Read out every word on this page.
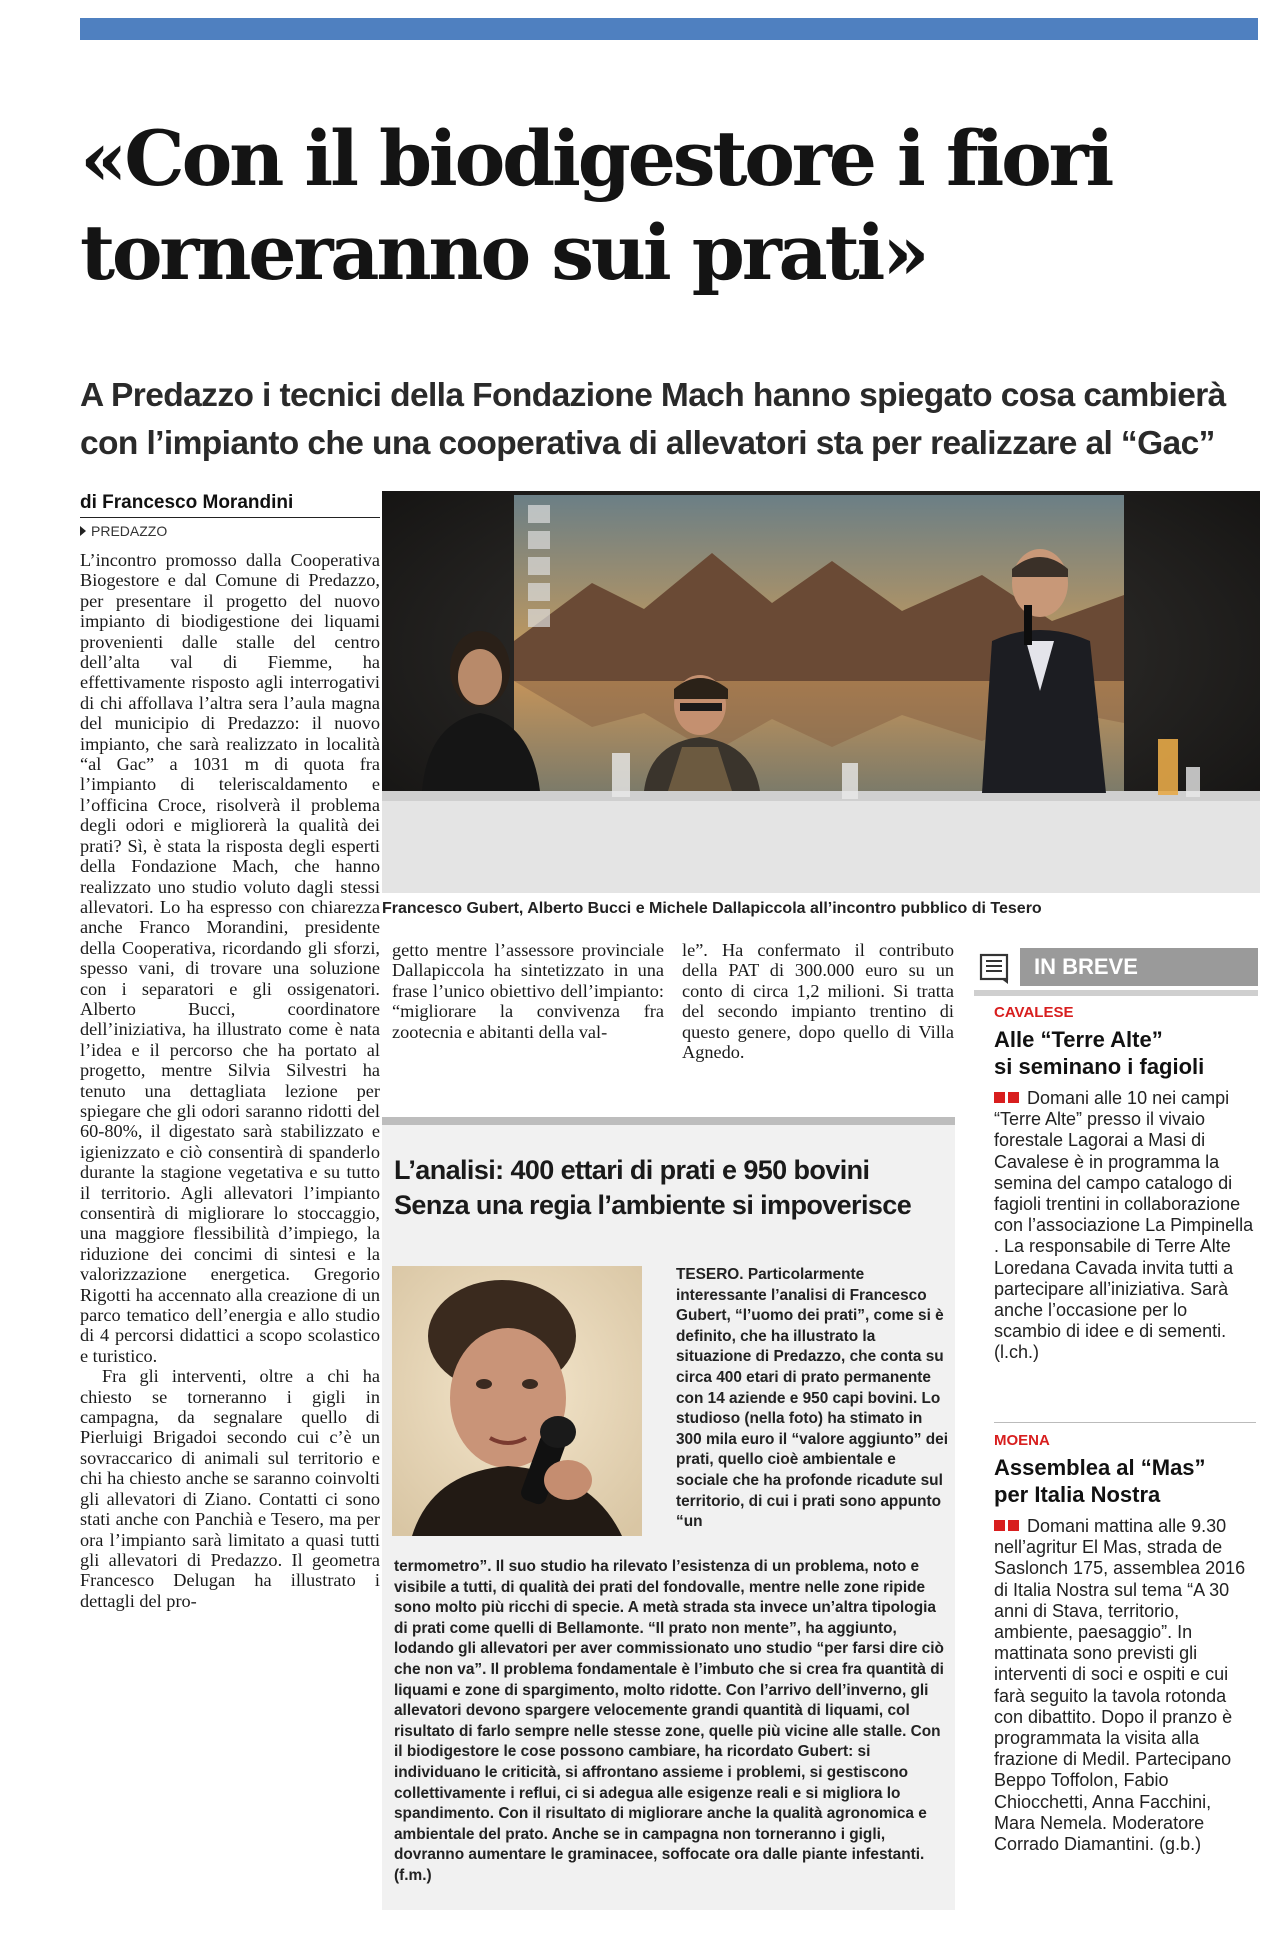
«Con il biodigestore i fiori
torneranno sui prati»
A Predazzo i tecnici della Fondazione Mach hanno spiegato cosa cambierà
con l’impianto che una cooperativa di allevatori sta per realizzare al “Gac”
di Francesco Morandini
PREDAZZO

L’incontro promosso dalla Cooperativa Biogestore e dal Comune di Predazzo, per presentare il progetto del nuovo impianto di biodigestione dei liquami provenienti dalle stalle del centro dell’alta val di Fiemme, ha effettivamente risposto agli interrogativi di chi affollava l’altra sera l’aula magna del municipio di Predazzo: il nuovo impianto, che sarà realizzato in località “al Gac” a 1031 m di quota fra l’impianto di teleriscaldamento e l’officina Croce, risolverà il problema degli odori e migliorerà la qualità dei prati? Sì, è stata la risposta degli esperti della Fondazione Mach, che hanno realizzato uno studio voluto dagli stessi allevatori. Lo ha espresso con chiarezza anche Franco Morandini, presidente della Cooperativa, ricordando gli sforzi, spesso vani, di trovare una soluzione con i separatori e gli ossigenatori. Alberto Bucci, coordinatore dell’iniziativa, ha illustrato come è nata l’idea e il percorso che ha portato al progetto, mentre Silvia Silvestri ha tenuto una dettagliata lezione per spiegare che gli odori saranno ridotti del 60-80%, il digestato sarà stabilizzato e igienizzato e ciò consentirà di spanderlo durante la stagione vegetativa e su tutto il territorio. Agli allevatori l’impianto consentirà di migliorare lo stoccaggio, una maggiore flessibilità d’impiego, la riduzione dei concimi di sintesi e la valorizzazione energetica. Gregorio Rigotti ha accennato alla creazione di un parco tematico dell’energia e allo studio di 4 percorsi didattici a scopo scolastico e turistico.

Fra gli interventi, oltre a chi ha chiesto se torneranno i gigli in campagna, da segnalare quello di Pierluigi Brigadoi secondo cui c’è un sovraccarico di animali sul territorio e chi ha chiesto anche se saranno coinvolti gli allevatori di Ziano. Contatti ci sono stati anche con Panchià e Tesero, ma per ora l’impianto sarà limitato a quasi tutti gli allevatori di Predazzo. Il geometra Francesco Delugan ha illustrato i dettagli del pro-

Francesco Gubert, Alberto Bucci e Michele Dallapiccola all’incontro pubblico di Tesero

getto mentre l’assessore provinciale Dallapiccola ha sintetizzato in una frase l’unico obiettivo dell’impianto: “migliorare la convivenza fra zootecnia e abitanti della val-

le”. Ha confermato il contributo della PAT di 300.000 euro su un conto di circa 1,2 milioni. Si tratta del secondo impianto trentino di questo genere, dopo quello di Villa Agnedo.

L’analisi: 400 ettari di prati e 950 bovini
Senza una regia l’ambiente si impoverisce
TESERO. Particolarmente interessante l’analisi di Francesco Gubert, “l’uomo dei prati”, come si è definito, che ha illustrato la situazione di Predazzo, che conta su circa 400 etari di prato permanente con 14 aziende e 950 capi bovini. Lo studioso (nella foto) ha stimato in 300 mila euro il “valore aggiunto” dei prati, quello cioè ambientale e sociale che ha profonde ricadute sul territorio, di cui i prati sono appunto “un
termometro”. Il suo studio ha rilevato l’esistenza di un problema, noto e visibile a tutti, di qualità dei prati del fondovalle, mentre nelle zone ripide sono molto più ricchi di specie. A metà strada sta invece un’altra tipologia di prati come quelli di Bellamonte. “Il prato non mente”, ha aggiunto, lodando gli allevatori per aver commissionato uno studio “per farsi dire ciò che non va”. Il problema fondamentale è l’imbuto che si crea fra quantità di liquami e zone di spargimento, molto ridotte. Con l’arrivo dell’inverno, gli allevatori devono spargere velocemente grandi quantità di liquami, col risultato di farlo sempre nelle stesse zone, quelle più vicine alle stalle. Con il biodigestore le cose possono cambiare, ha ricordato Gubert: si individuano le criticità, si affrontano assieme i problemi, si gestiscono collettivamente i reflui, ci si adegua alle esigenze reali e si migliora lo spandimento. Con il risultato di migliorare anche la qualità agronomica e ambientale del prato. Anche se in campagna non torneranno i gigli, dovranno aumentare le graminacee, soffocate ora dalle piante infestanti. (f.m.)
IN BREVE
CAVALESE
Alle “Terre Alte”
si seminano i fagioli
Domani alle 10 nei campi “Terre Alte” presso il vivaio forestale Lagorai a Masi di Cavalese è in programma la semina del campo catalogo di fagioli trentini in collaborazione con l’associazione La Pimpinella . La responsabile di Terre Alte Loredana Cavada invita tutti a partecipare all’iniziativa. Sarà anche l’occasione per lo scambio di idee e di sementi. (l.ch.)
MOENA
Assemblea al “Mas”
per Italia Nostra
Domani mattina alle 9.30 nell’agritur El Mas, strada de Saslonch 175, assemblea 2016 di Italia Nostra sul tema “A 30 anni di Stava, territorio, ambiente, paesaggio”. In mattinata sono previsti gli interventi di soci e ospiti e cui farà seguito la tavola rotonda con dibattito. Dopo il pranzo è programmata la visita alla frazione di Medil. Partecipano Beppo Toffolon, Fabio Chiocchetti, Anna Facchini, Mara Nemela. Moderatore Corrado Diamantini. (g.b.)
